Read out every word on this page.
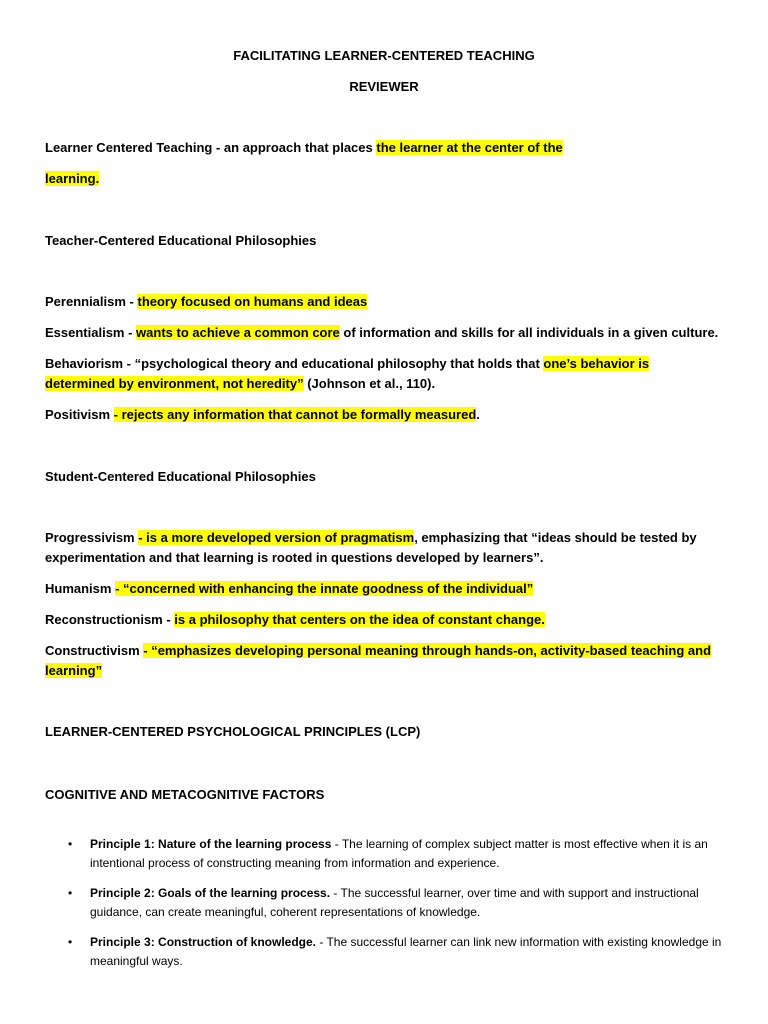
FACILITATING LEARNER-CENTERED TEACHING
REVIEWER
Learner Centered Teaching - an approach that places the learner at the center of the
learning.
Teacher-Centered Educational Philosophies
Perennialism - theory focused on humans and ideas
Essentialism - wants to achieve a common core of information and skills for all individuals in a given culture.
Behaviorism - “psychological theory and educational philosophy that holds that one’s behavior is
determined by environment, not heredity” (Johnson et al., 110).
Positivism - rejects any information that cannot be formally measured.
Student-Centered Educational Philosophies
Progressivism - is a more developed version of pragmatism, emphasizing that “ideas should be tested by
experimentation and that learning is rooted in questions developed by learners”.
Humanism - “concerned with enhancing the innate goodness of the individual”
Reconstructionism - is a philosophy that centers on the idea of constant change.
Constructivism - “emphasizes developing personal meaning through hands-on, activity-based teaching and
learning”
LEARNER-CENTERED PSYCHOLOGICAL PRINCIPLES (LCP)
COGNITIVE AND METACOGNITIVE FACTORS
•	Principle 1: Nature of the learning process - The learning of complex subject matter is most effective when it is an intentional process of constructing meaning from information and experience.
•	Principle 2: Goals of the learning process. - The successful learner, over time and with support and instructional guidance, can create meaningful, coherent representations of knowledge.
•	Principle 3: Construction of knowledge. - The successful learner can link new information with existing knowledge in meaningful ways.
